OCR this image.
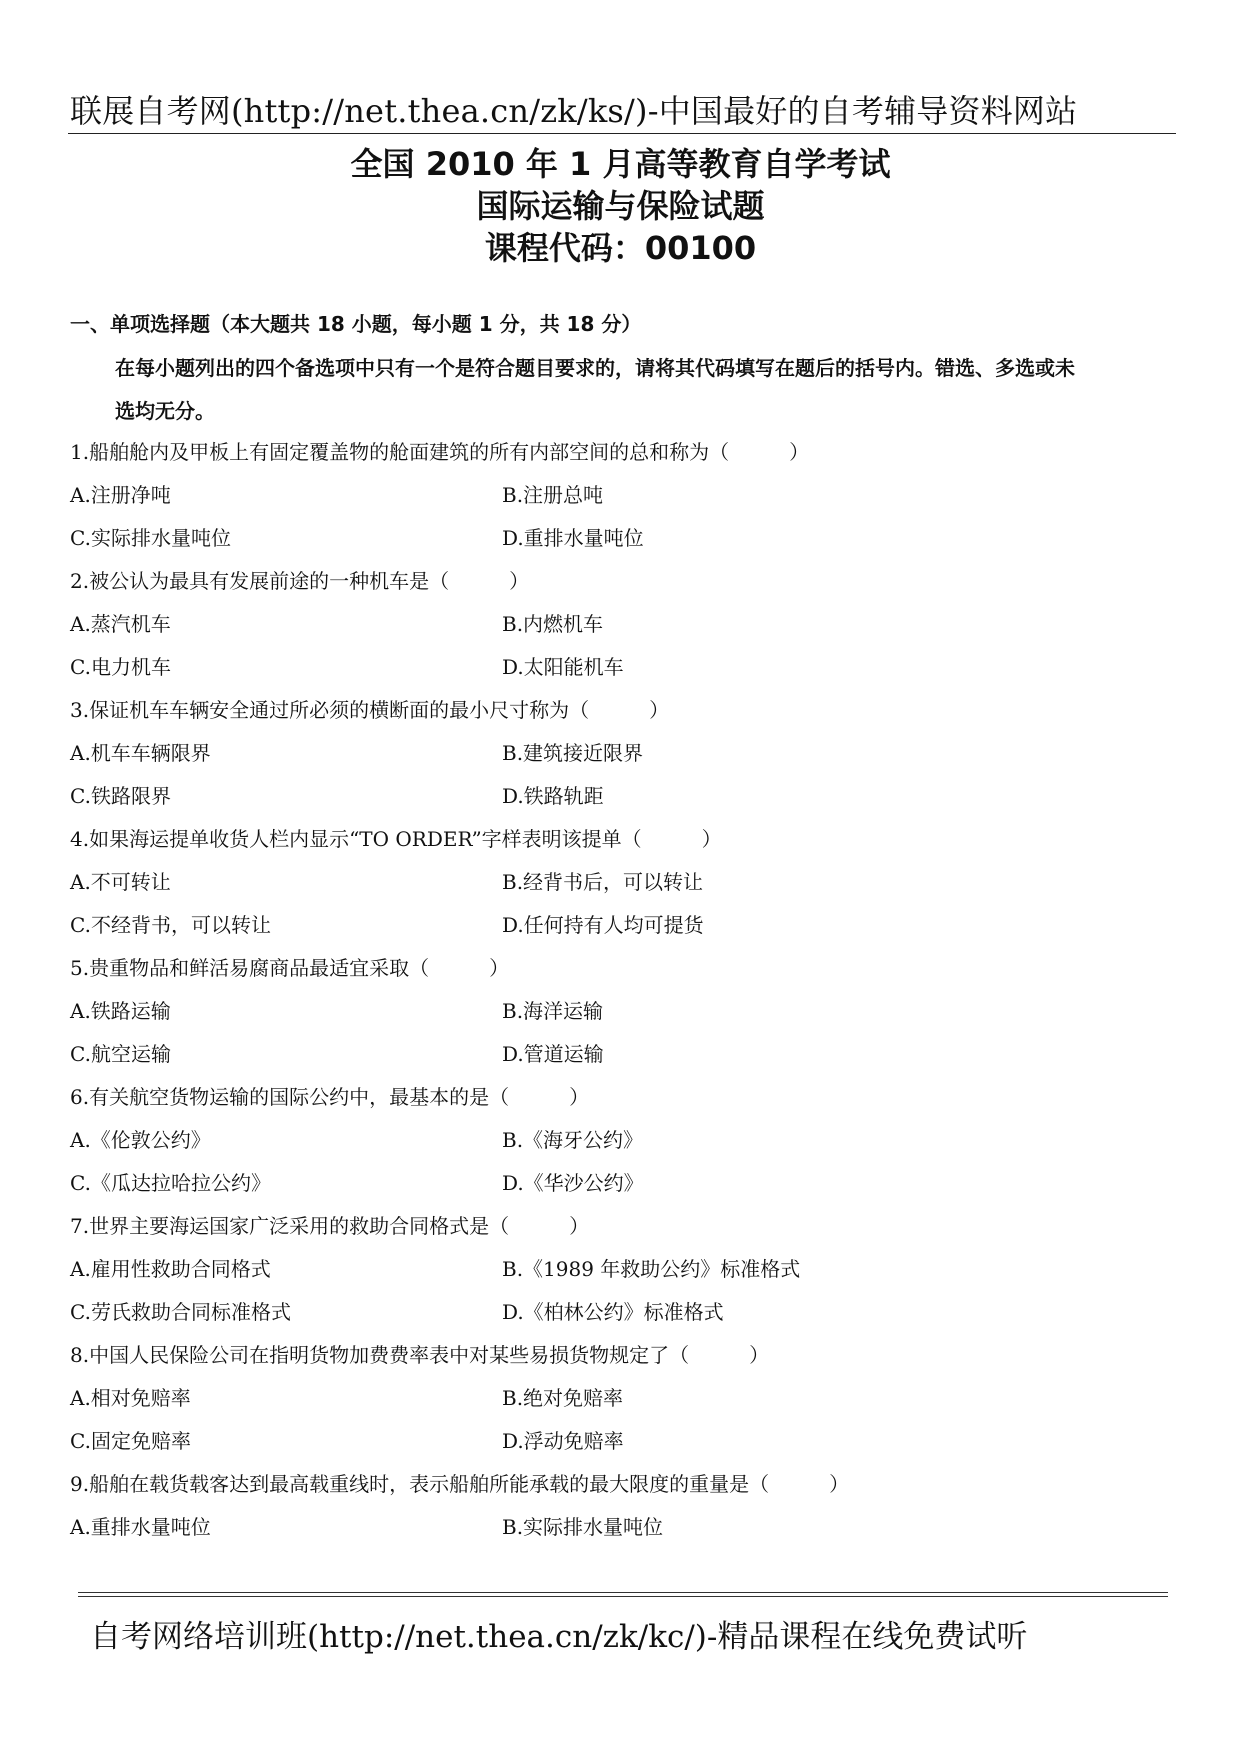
联展自考网(http://net.thea.cn/zk/ks/)-中国最好的自考辅导资料网站
全国 2010 年 1 月高等教育自学考试
国际运输与保险试题
课程代码：00100
一、单项选择题（本大题共 18 小题，每小题 1 分，共 18 分）
在每小题列出的四个备选项中只有一个是符合题目要求的，请将其代码填写在题后的括号内。错选、多选或未
选均无分。
1.船舶舱内及甲板上有固定覆盖物的舱面建筑的所有内部空间的总和称为（　　　）
A.注册净吨	B.注册总吨
C.实际排水量吨位	D.重排水量吨位
2.被公认为最具有发展前途的一种机车是（　　　）
A.蒸汽机车	B.内燃机车
C.电力机车	D.太阳能机车
3.保证机车车辆安全通过所必须的横断面的最小尺寸称为（　　　）
A.机车车辆限界	B.建筑接近限界
C.铁路限界	D.铁路轨距
4.如果海运提单收货人栏内显示“TO ORDER”字样表明该提单（　　　）
A.不可转让	B.经背书后，可以转让
C.不经背书，可以转让	D.任何持有人均可提货
5.贵重物品和鲜活易腐商品最适宜采取（　　　）
A.铁路运输	B.海洋运输
C.航空运输	D.管道运输
6.有关航空货物运输的国际公约中，最基本的是（　　　）
A.《伦敦公约》	B.《海牙公约》
C.《瓜达拉哈拉公约》	D.《华沙公约》
7.世界主要海运国家广泛采用的救助合同格式是（　　　）
A.雇用性救助合同格式	B.《1989 年救助公约》标准格式
C.劳氏救助合同标准格式	D.《柏林公约》标准格式
8.中国人民保险公司在指明货物加费费率表中对某些易损货物规定了（　　　）
A.相对免赔率	B.绝对免赔率
C.固定免赔率	D.浮动免赔率
9.船舶在载货载客达到最高载重线时，表示船舶所能承载的最大限度的重量是（　　　）
A.重排水量吨位	B.实际排水量吨位
自考网络培训班(http://net.thea.cn/zk/kc/)-精品课程在线免费试听
